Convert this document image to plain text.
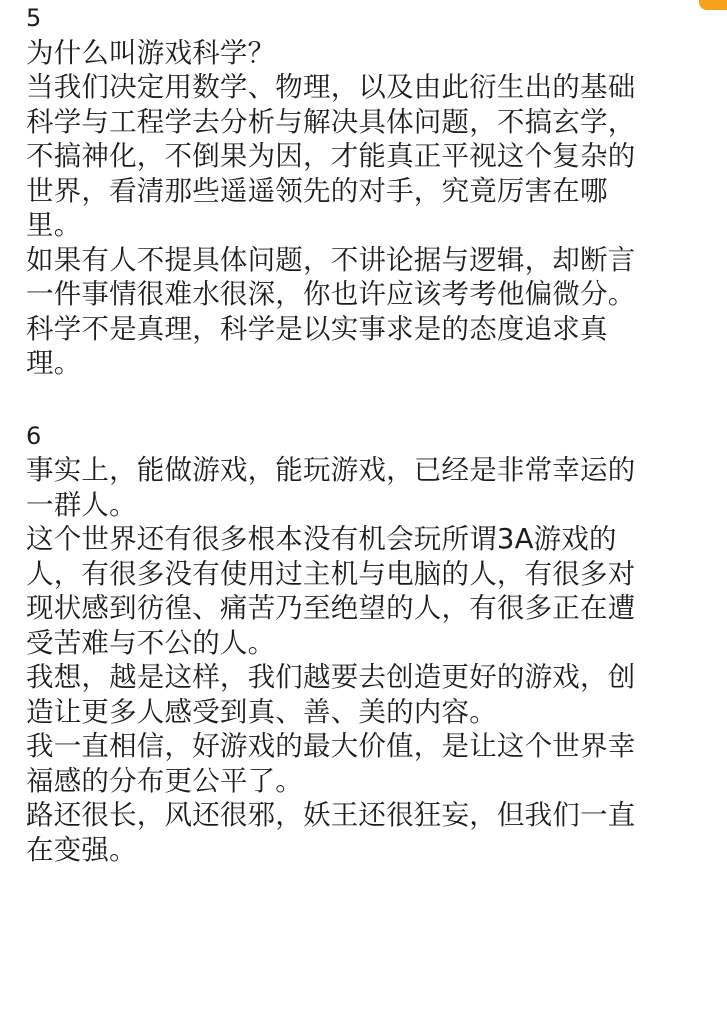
5
为什么叫游戏科学？
当我们决定用数学、物理，以及由此衍生出的基础
科学与工程学去分析与解决具体问题，不搞玄学，
不搞神化，不倒果为因，才能真正平视这个复杂的
世界，看清那些遥遥领先的对手，究竟厉害在哪
里。
如果有人不提具体问题，不讲论据与逻辑，却断言
一件事情很难水很深，你也许应该考考他偏微分。
科学不是真理，科学是以实事求是的态度追求真
理。
6
事实上，能做游戏，能玩游戏，已经是非常幸运的
一群人。
这个世界还有很多根本没有机会玩所谓3A游戏的
人，有很多没有使用过主机与电脑的人，有很多对
现状感到彷徨、痛苦乃至绝望的人，有很多正在遭
受苦难与不公的人。
我想，越是这样，我们越要去创造更好的游戏，创
造让更多人感受到真、善、美的内容。
我一直相信，好游戏的最大价值，是让这个世界幸
福感的分布更公平了。
路还很长，风还很邪，妖王还很狂妄，但我们一直
在变强。
